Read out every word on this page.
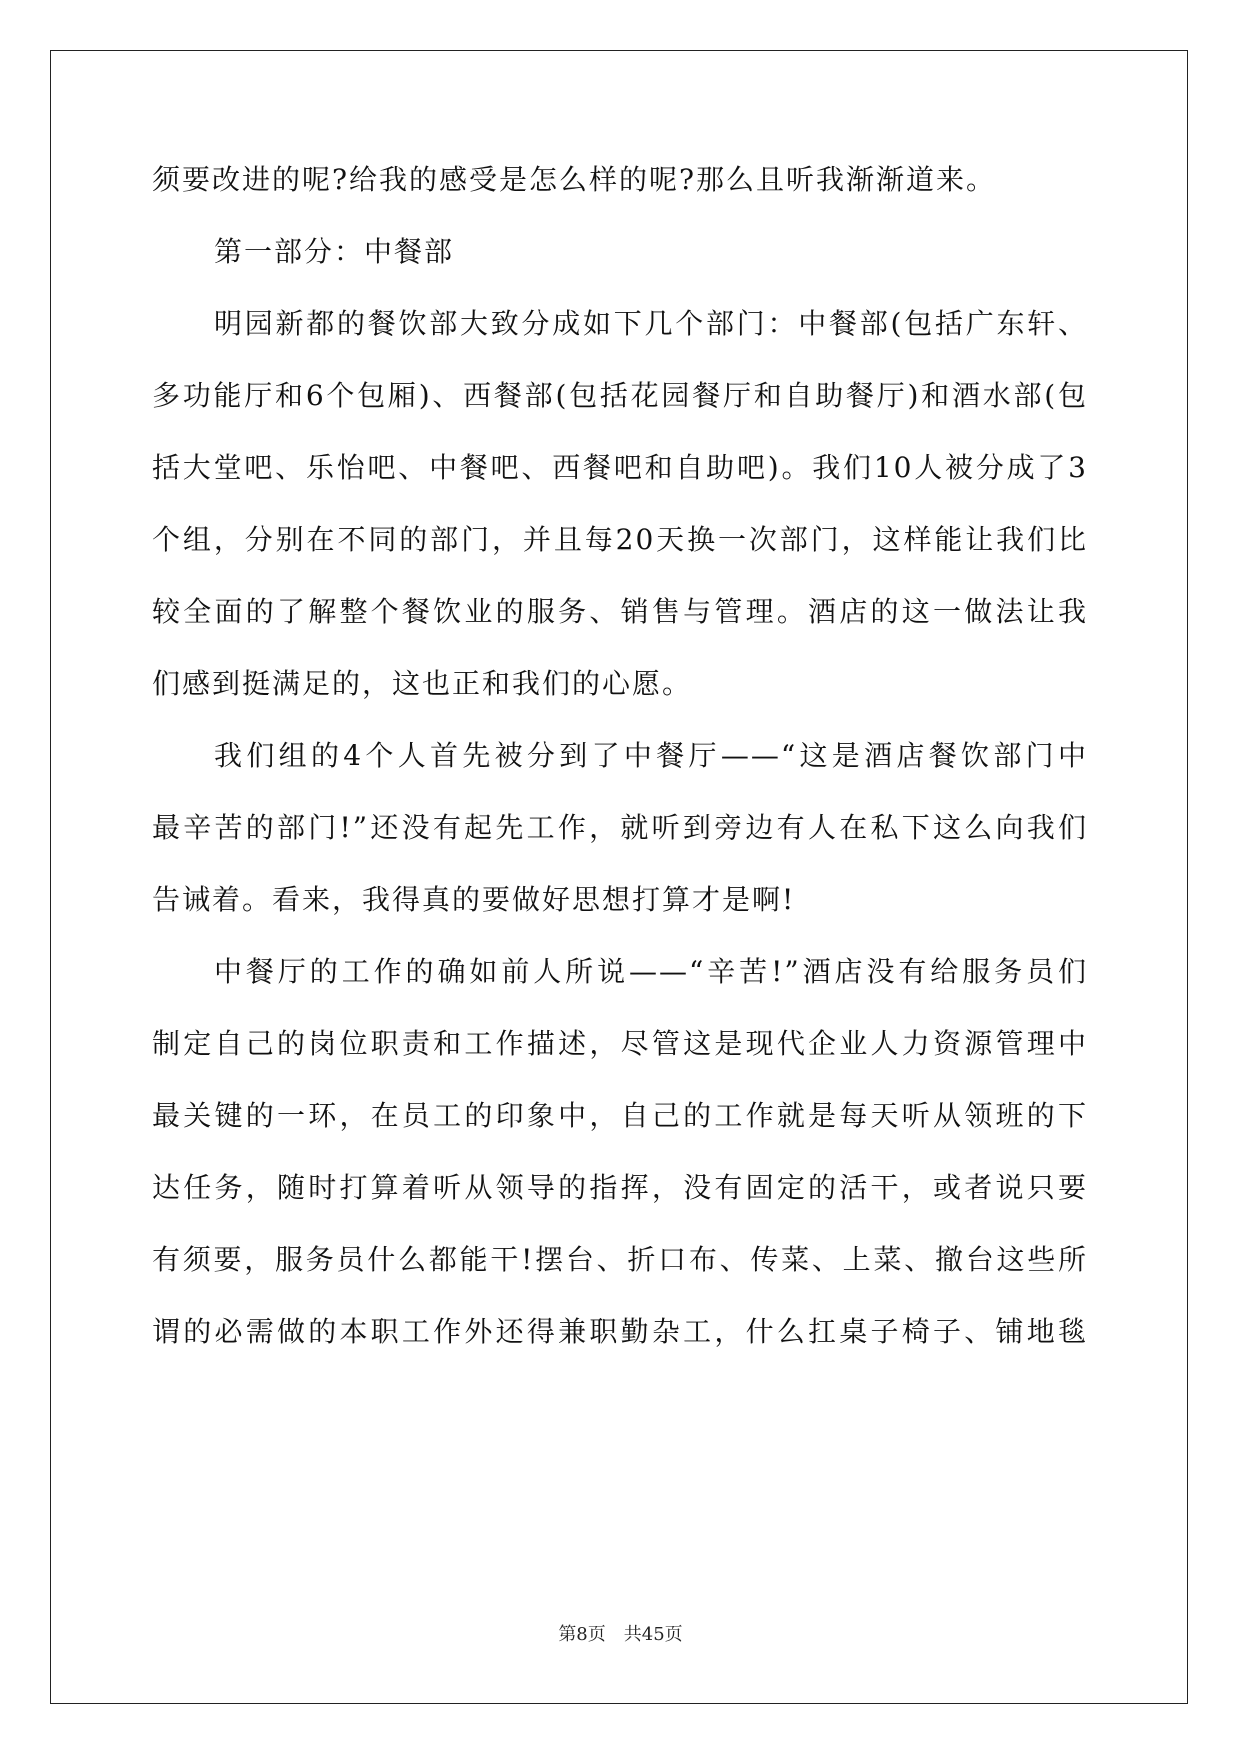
须要改进的呢?给我的感受是怎么样的呢?那么且听我渐渐道来。
第一部分：中餐部
明园新都的餐饮部大致分成如下几个部门：中餐部(包括广东轩、
多功能厅和6个包厢)、西餐部(包括花园餐厅和自助餐厅)和酒水部(包
括大堂吧、乐怡吧、中餐吧、西餐吧和自助吧)。我们10人被分成了3
个组，分别在不同的部门，并且每20天换一次部门，这样能让我们比
较全面的了解整个餐饮业的服务、销售与管理。酒店的这一做法让我
们感到挺满足的，这也正和我们的心愿。
我们组的4个人首先被分到了中餐厅——“这是酒店餐饮部门中
最辛苦的部门!”还没有起先工作，就听到旁边有人在私下这么向我们
告诫着。看来，我得真的要做好思想打算才是啊!
中餐厅的工作的确如前人所说——“辛苦!”酒店没有给服务员们
制定自己的岗位职责和工作描述，尽管这是现代企业人力资源管理中
最关键的一环，在员工的印象中，自己的工作就是每天听从领班的下
达任务，随时打算着听从领导的指挥，没有固定的活干，或者说只要
有须要，服务员什么都能干!摆台、折口布、传菜、上菜、撤台这些所
谓的必需做的本职工作外还得兼职勤杂工，什么扛桌子椅子、铺地毯
第8页　共45页
